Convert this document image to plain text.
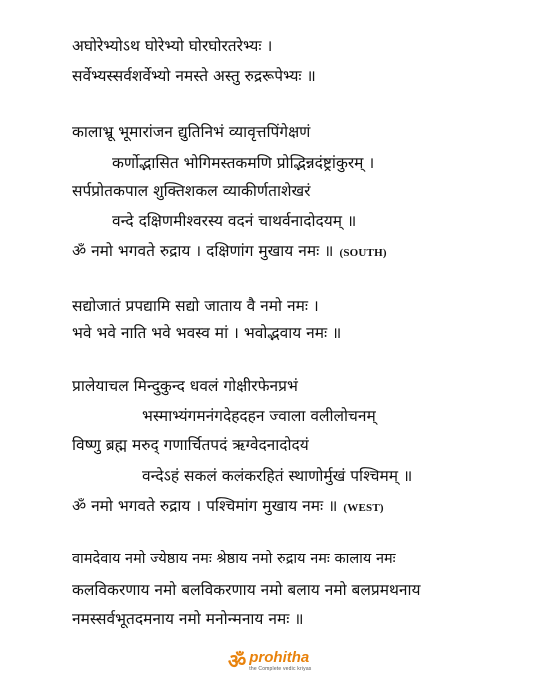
अघोरेभ्योऽथ घोरेभ्यो घोरघोरतरेभ्यः ।
सर्वेभ्यस्सर्वशर्वेभ्यो नमस्ते अस्तु रुद्ररूपेभ्यः ॥
कालाभ्रू भूमारांजन द्युतिनिभं व्यावृत्तपिंगेक्षणं
कर्णोद्भासित भोगिमस्तकमणि प्रोद्भिन्नदंष्ट्रांकुरम् ।
सर्पप्रोतकपाल शुक्तिशकल व्याकीर्णताशेखरं
वन्दे दक्षिणमीश्वरस्य वदनं चाथर्वनादोदयम् ॥
ॐ नमो भगवते रुद्राय । दक्षिणांग मुखाय नमः ॥ (SOUTH)
सद्योजातं प्रपद्यामि सद्यो जाताय वै नमो नमः ।
भवे भवे नाति भवे भवस्व मां । भवोद्भवाय नमः ॥
प्रालेयाचल मिन्दुकुन्द धवलं गोक्षीरफेनप्रभं
भस्माभ्यंगमनंगदेहदहन ज्वाला वलीलोचनम्
विष्णु ब्रह्म मरुद् गणार्चितपदं ऋग्वेदनादोदयं
वन्देऽहं सकलं कलंकरहितं स्थाणोर्मुखं पश्चिमम् ॥
ॐ नमो भगवते रुद्राय । पश्चिमांग मुखाय नमः ॥ (WEST)
वामदेवाय नमो ज्येष्ठाय नमः श्रेष्ठाय नमो रुद्राय नमः कालाय नमः
कलविकरणाय नमो बलविकरणाय नमो बलाय नमो बलप्रमथनाय
नमस्सर्वभूतदमनाय नमो मनोन्मनाय नमः ॥
ॐ prohitha
the Complete vedic kriyas
